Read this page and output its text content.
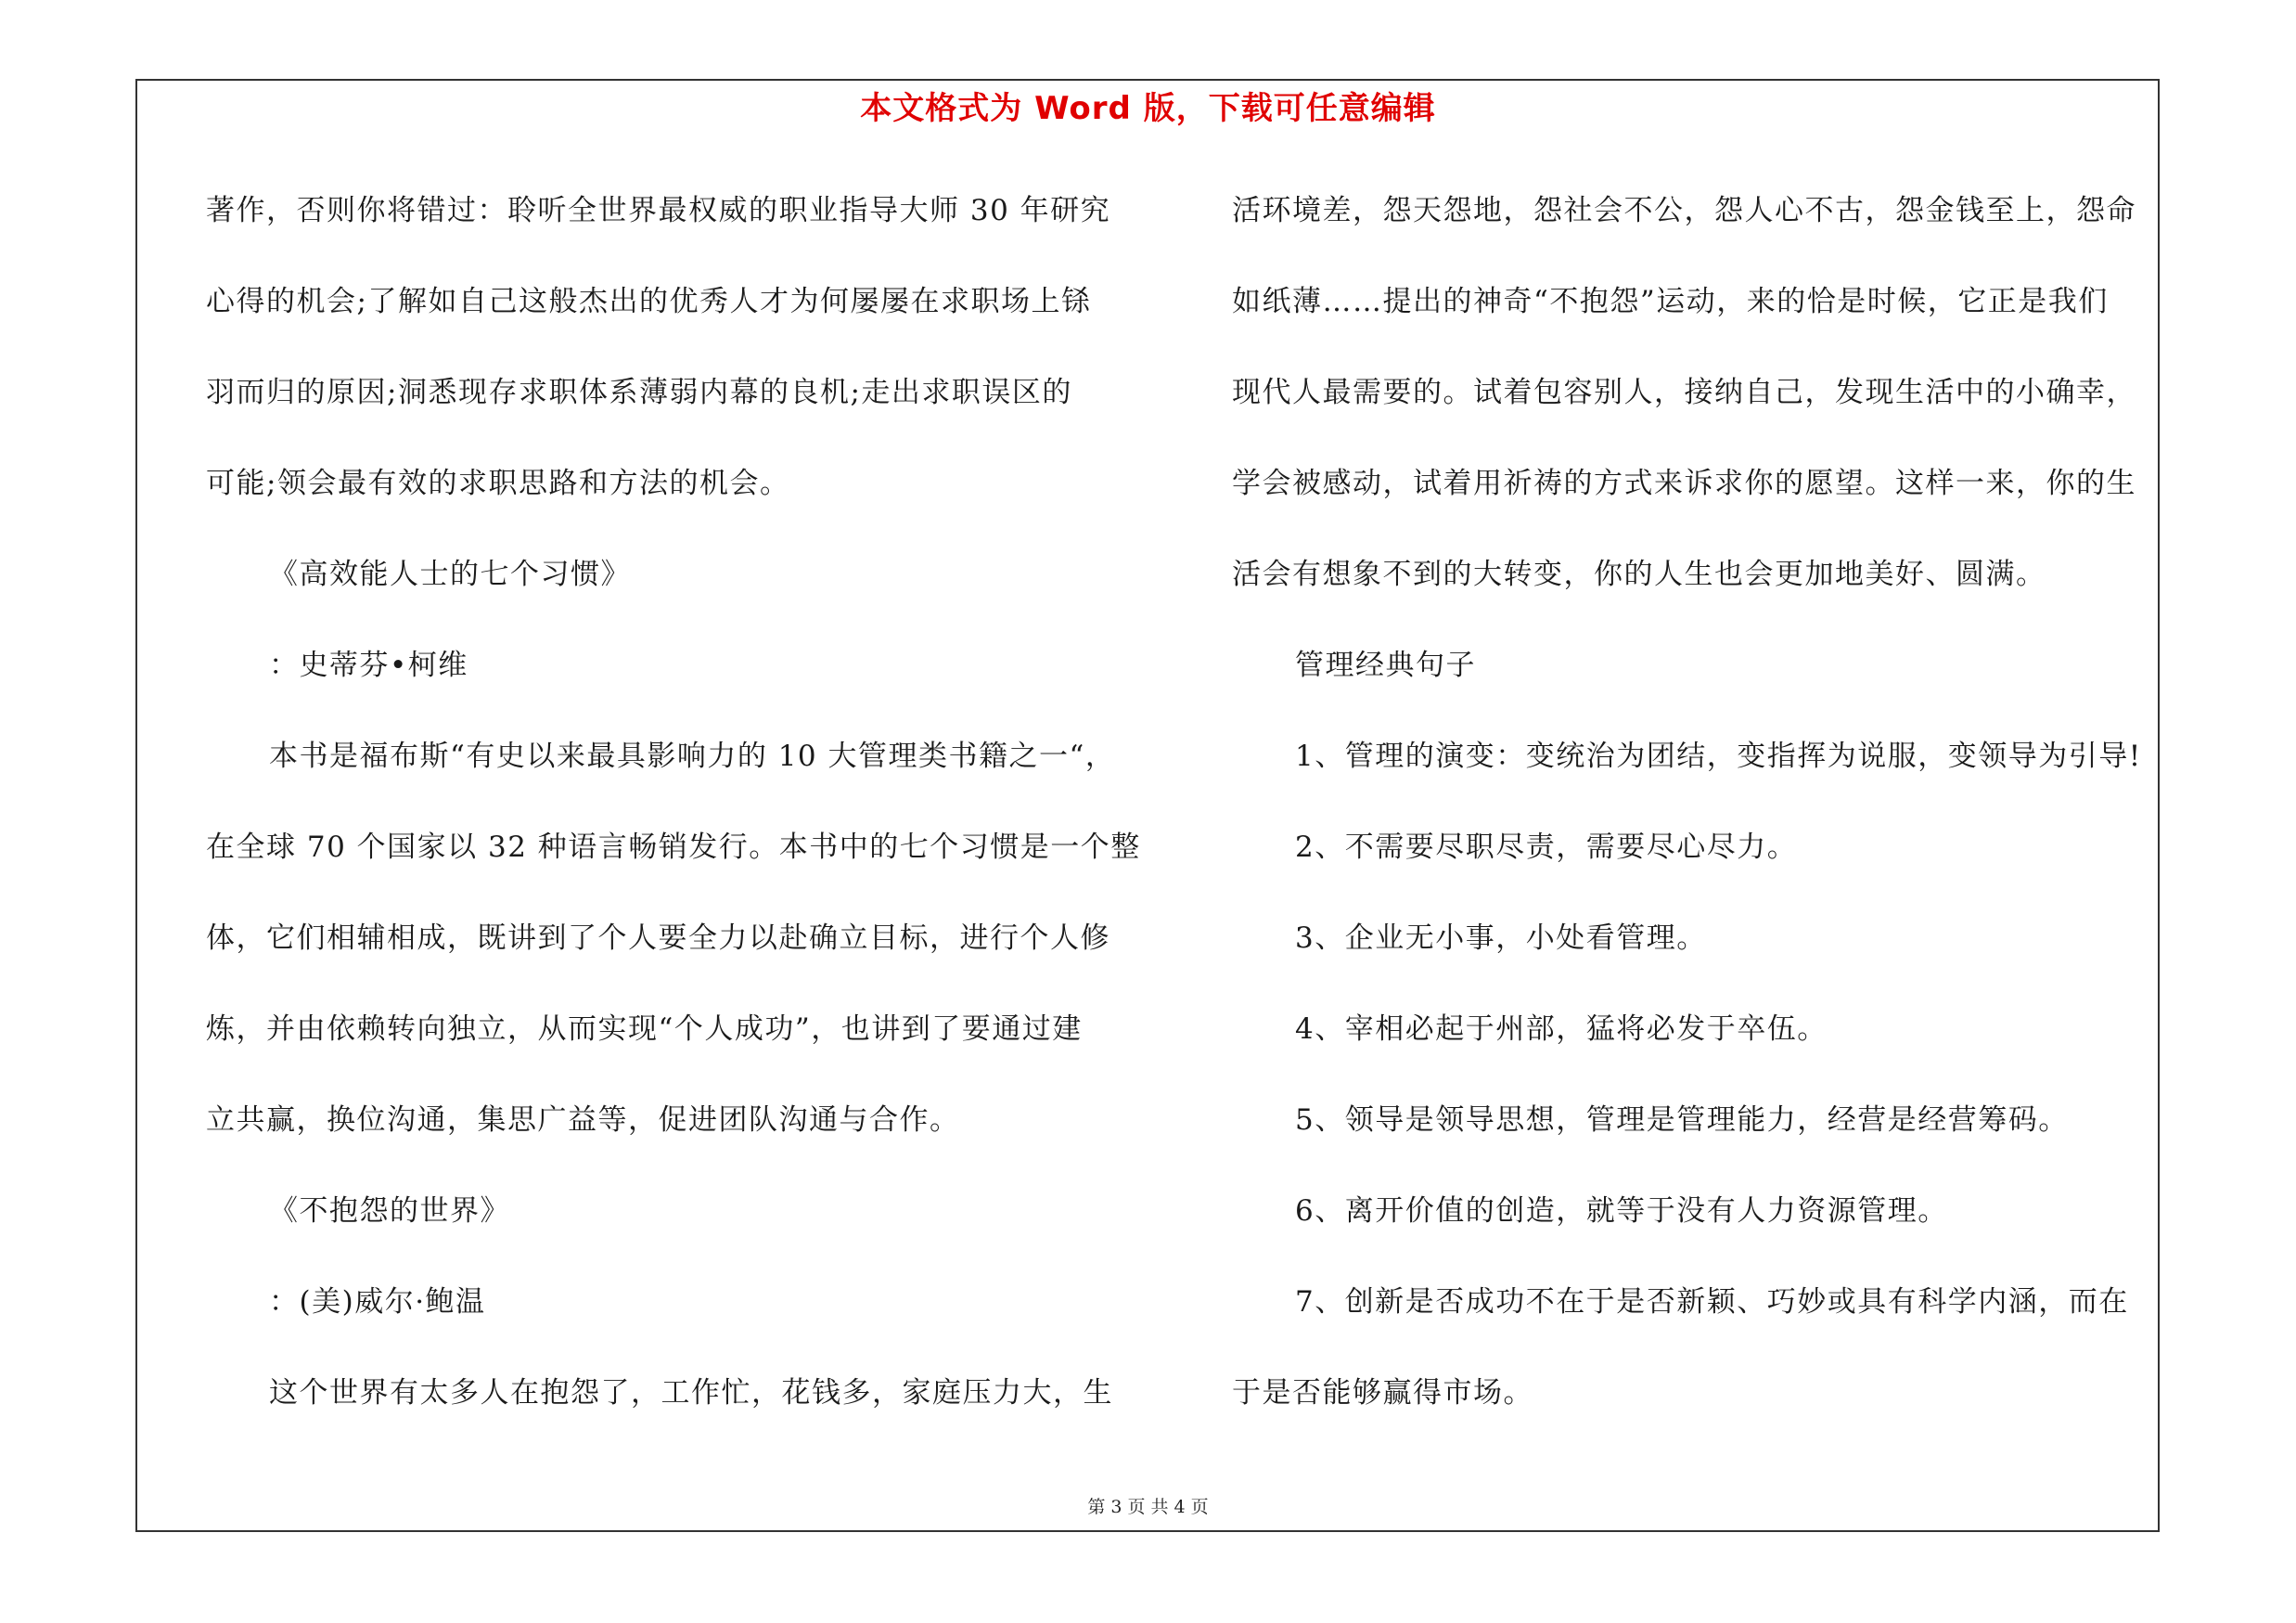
本文格式为 Word 版，下载可任意编辑
著作，否则你将错过：聆听全世界最权威的职业指导大师 30 年研究
心得的机会;了解如自己这般杰出的优秀人才为何屡屡在求职场上铩
羽而归的原因;洞悉现存求职体系薄弱内幕的良机;走出求职误区的
可能;领会最有效的求职思路和方法的机会。
《高效能人士的七个习惯》
：史蒂芬•柯维
本书是福布斯“有史以来最具影响力的 10 大管理类书籍之一“，
在全球 70 个国家以 32 种语言畅销发行。本书中的七个习惯是一个整
体，它们相辅相成，既讲到了个人要全力以赴确立目标，进行个人修
炼，并由依赖转向独立，从而实现“个人成功”，也讲到了要通过建
立共赢，换位沟通，集思广益等，促进团队沟通与合作。
《不抱怨的世界》
：(美)威尔·鲍温
这个世界有太多人在抱怨了，工作忙，花钱多，家庭压力大，生
活环境差，怨天怨地，怨社会不公，怨人心不古，怨金钱至上，怨命
如纸薄……提出的神奇“不抱怨”运动，来的恰是时候，它正是我们
现代人最需要的。试着包容别人，接纳自己，发现生活中的小确幸，
学会被感动，试着用祈祷的方式来诉求你的愿望。这样一来，你的生
活会有想象不到的大转变，你的人生也会更加地美好、圆满。
管理经典句子
1、管理的演变：变统治为团结，变指挥为说服，变领导为引导!
2、不需要尽职尽责，需要尽心尽力。
3、企业无小事，小处看管理。
4、宰相必起于州部，猛将必发于卒伍。
5、领导是领导思想，管理是管理能力，经营是经营筹码。
6、离开价值的创造，就等于没有人力资源管理。
7、创新是否成功不在于是否新颖、巧妙或具有科学内涵，而在
于是否能够赢得市场。
第 3 页 共 4 页
